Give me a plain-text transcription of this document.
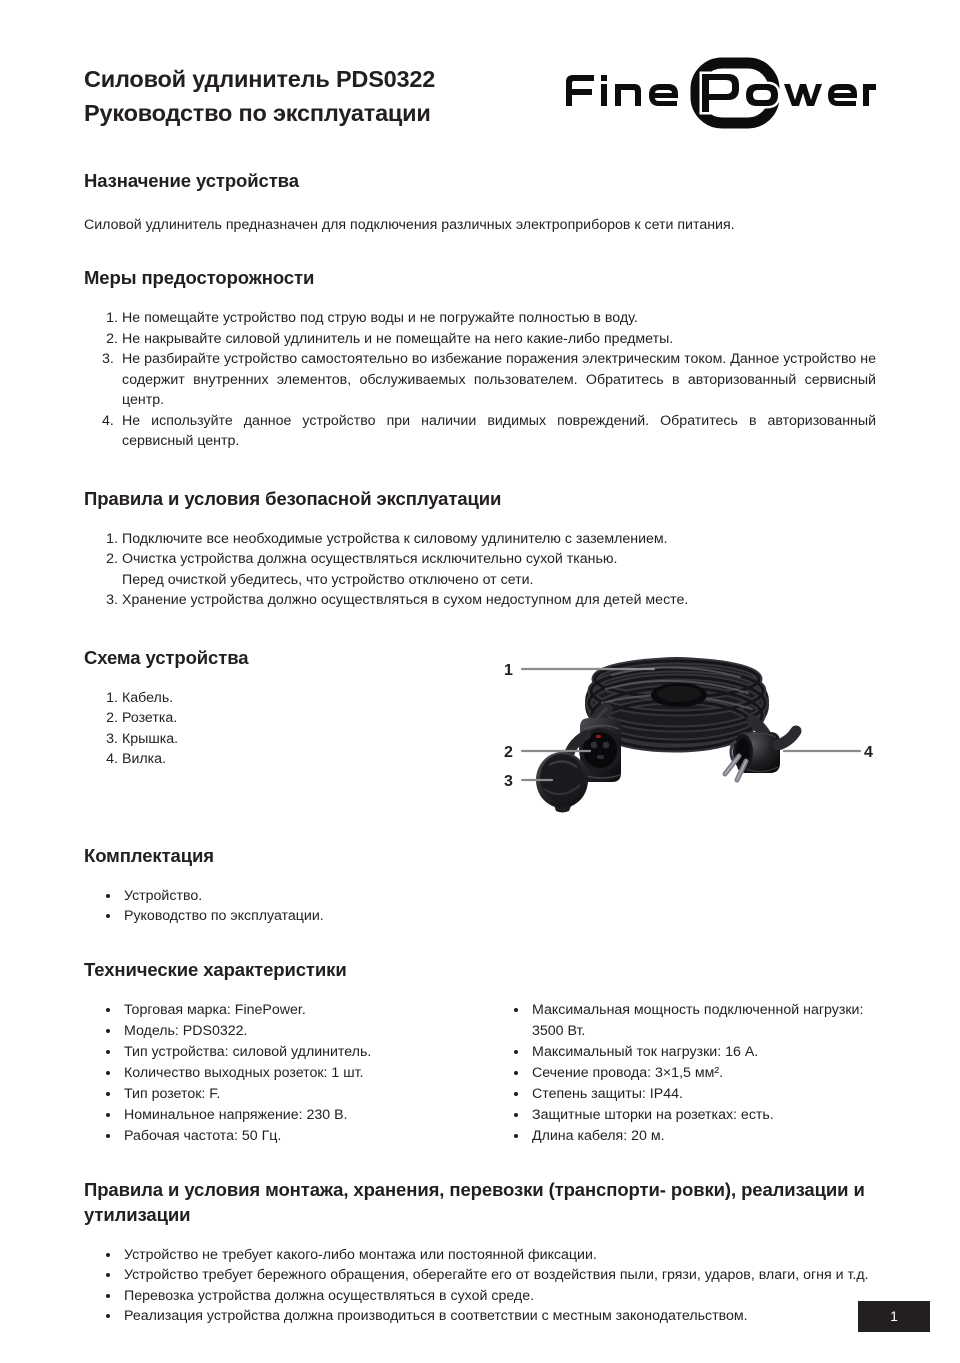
Силовой удлинитель PDS0322
Руководство по эксплуатации
Назначение устройства

Силовой удлинитель предназначен для подключения различных электроприборов к сети питания.

Меры предосторожности
Не помещайте устройство под струю воды и не погружайте полностью в воду.
Не накрывайте силовой удлинитель и не помещайте на него какие-либо предметы.
Не разбирайте устройство самостоятельно во избежание поражения электрическим током. Данное устройство не содержит внутренних элементов, обслуживаемых пользователем. Обратитесь в авторизованный сервисный центр.
Не используйте данное устройство при наличии видимых повреждений. Обратитесь в авторизованный сервисный центр.
Правила и условия безопасной эксплуатации
Подключите все необходимые устройства к силовому удлинителю с заземлением.
Очистка устройства должна осуществляться исключительно сухой тканью.
Перед очисткой убедитесь, что устройство отключено от сети.
Хранение устройства должно осуществляться в сухом недоступном для детей месте.
Схема устройства
Кабель.
Розетка.
Крышка.
Вилка.
1
2
3
4
Комплектация
Устройство.
Руководство по эксплуатации.
Технические характеристики
Торговая марка: FinePower.
Модель: PDS0322.
Тип устройства: силовой удлинитель.
Количество выходных розеток: 1 шт.
Тип розеток: F.
Номинальное напряжение: 230 В.
Рабочая частота: 50 Гц.
Максимальная мощность подключенной нагрузки: 3500 Вт.
Максимальный ток нагрузки: 16 А.
Сечение провода: 3×1,5 мм².
Степень защиты: IP44.
Защитные шторки на розетках: есть.
Длина кабеля: 20 м.
Правила и условия монтажа, хранения, перевозки (транспорти- ровки), реализации и утилизации
Устройство не требует какого-либо монтажа или постоянной фиксации.
Устройство требует бережного обращения, оберегайте его от воздействия пыли, грязи, ударов, влаги, огня и т.д.
Перевозка устройства должна осуществляться в сухой среде.
Реализация устройства должна производиться в соответствии с местным законодательством.	1
